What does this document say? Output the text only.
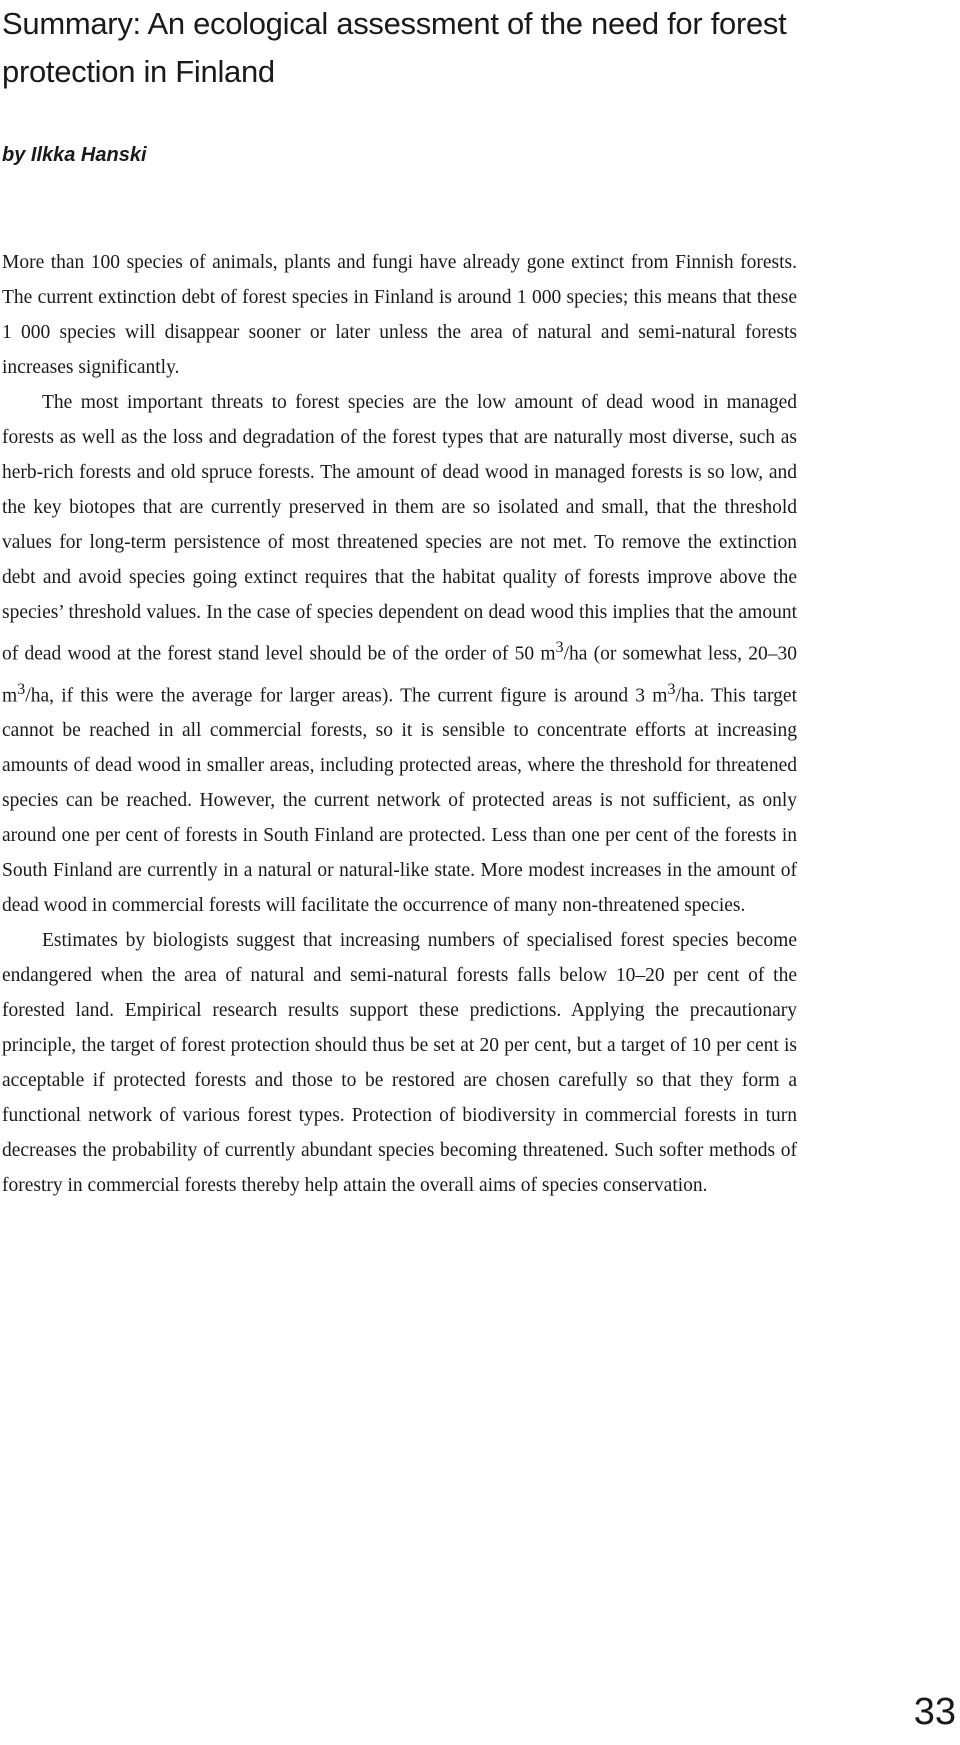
Summary: An ecological assessment of the need for forest protection in Finland

by Ilkka Hanski

More than 100 species of animals, plants and fungi have already gone extinct from Finnish forests. The current extinction debt of forest species in Finland is around 1 000 species; this means that these 1 000 species will disappear sooner or later unless the area of natural and semi-natural forests increases significantly.

The most important threats to forest species are the low amount of dead wood in managed forests as well as the loss and degradation of the forest types that are naturally most diverse, such as herb-rich forests and old spruce forests. The amount of dead wood in managed forests is so low, and the key biotopes that are currently preserved in them are so isolated and small, that the threshold values for long-term persistence of most threatened species are not met. To remove the extinction debt and avoid species going extinct requires that the habitat quality of forests improve above the species’ threshold values. In the case of species dependent on dead wood this implies that the amount of dead wood at the forest stand level should be of the order of 50 $m^3/ha$ (or somewhat less, 20–30 $m^3/ha$, if this were the average for larger areas). The current figure is around 3 $m^3/ha$. This target cannot be reached in all commercial forests, so it is sensible to concentrate efforts at increasing amounts of dead wood in smaller areas, including protected areas, where the threshold for threatened species can be reached. However, the current network of protected areas is not sufficient, as only around one per cent of forests in South Finland are protected. Less than one per cent of the forests in South Finland are currently in a natural or natural-like state. More modest increases in the amount of dead wood in commercial forests will facilitate the occurrence of many non-threatened species.

Estimates by biologists suggest that increasing numbers of specialised forest species become endangered when the area of natural and semi-natural forests falls below 10–20 per cent of the forested land. Empirical research results support these predictions. Applying the precautionary principle, the target of forest protection should thus be set at 20 per cent, but a target of 10 per cent is acceptable if protected forests and those to be restored are chosen carefully so that they form a functional network of various forest types. Protection of biodiversity in commercial forests in turn decreases the probability of currently abundant species becoming threatened. Such softer methods of forestry in commercial forests thereby help attain the overall aims of species conservation.

33
